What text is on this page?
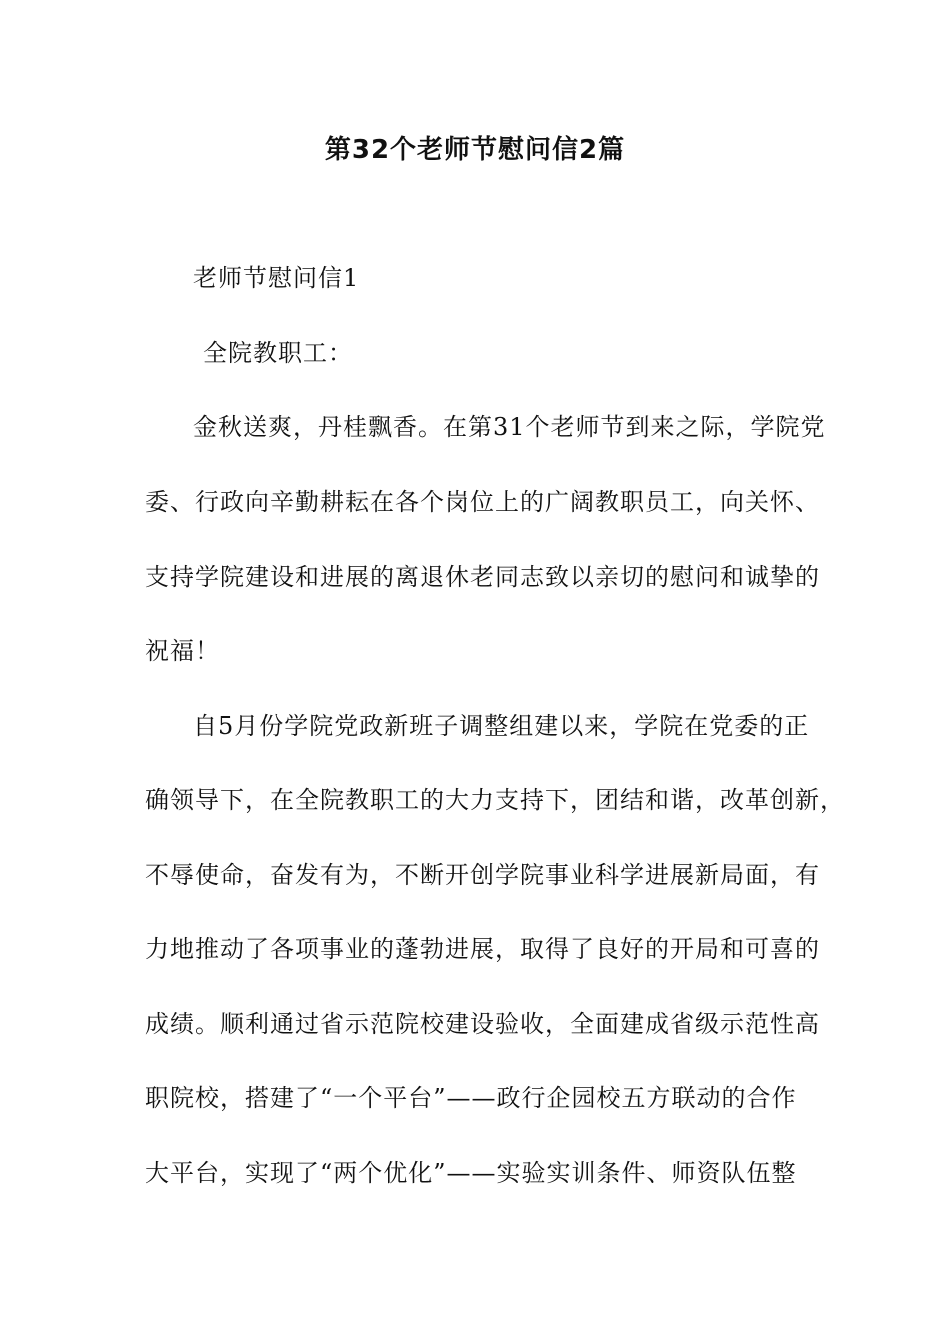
第32个老师节慰问信2篇
老师节慰问信1
全院教职工：
金秋送爽，丹桂飘香。在第31个老师节到来之际，学院党
委、行政向辛勤耕耘在各个岗位上的广阔教职员工，向关怀、
支持学院建设和进展的离退休老同志致以亲切的慰问和诚挚的
祝福！
自5月份学院党政新班子调整组建以来，学院在党委的正
确领导下，在全院教职工的大力支持下，团结和谐，改革创新，
不辱使命，奋发有为，不断开创学院事业科学进展新局面，有
力地推动了各项事业的蓬勃进展，取得了良好的开局和可喜的
成绩。顺利通过省示范院校建设验收，全面建成省级示范性高
职院校，搭建了“一个平台”——政行企园校五方联动的合作
大平台，实现了“两个优化”——实验实训条件、师资队伍整
